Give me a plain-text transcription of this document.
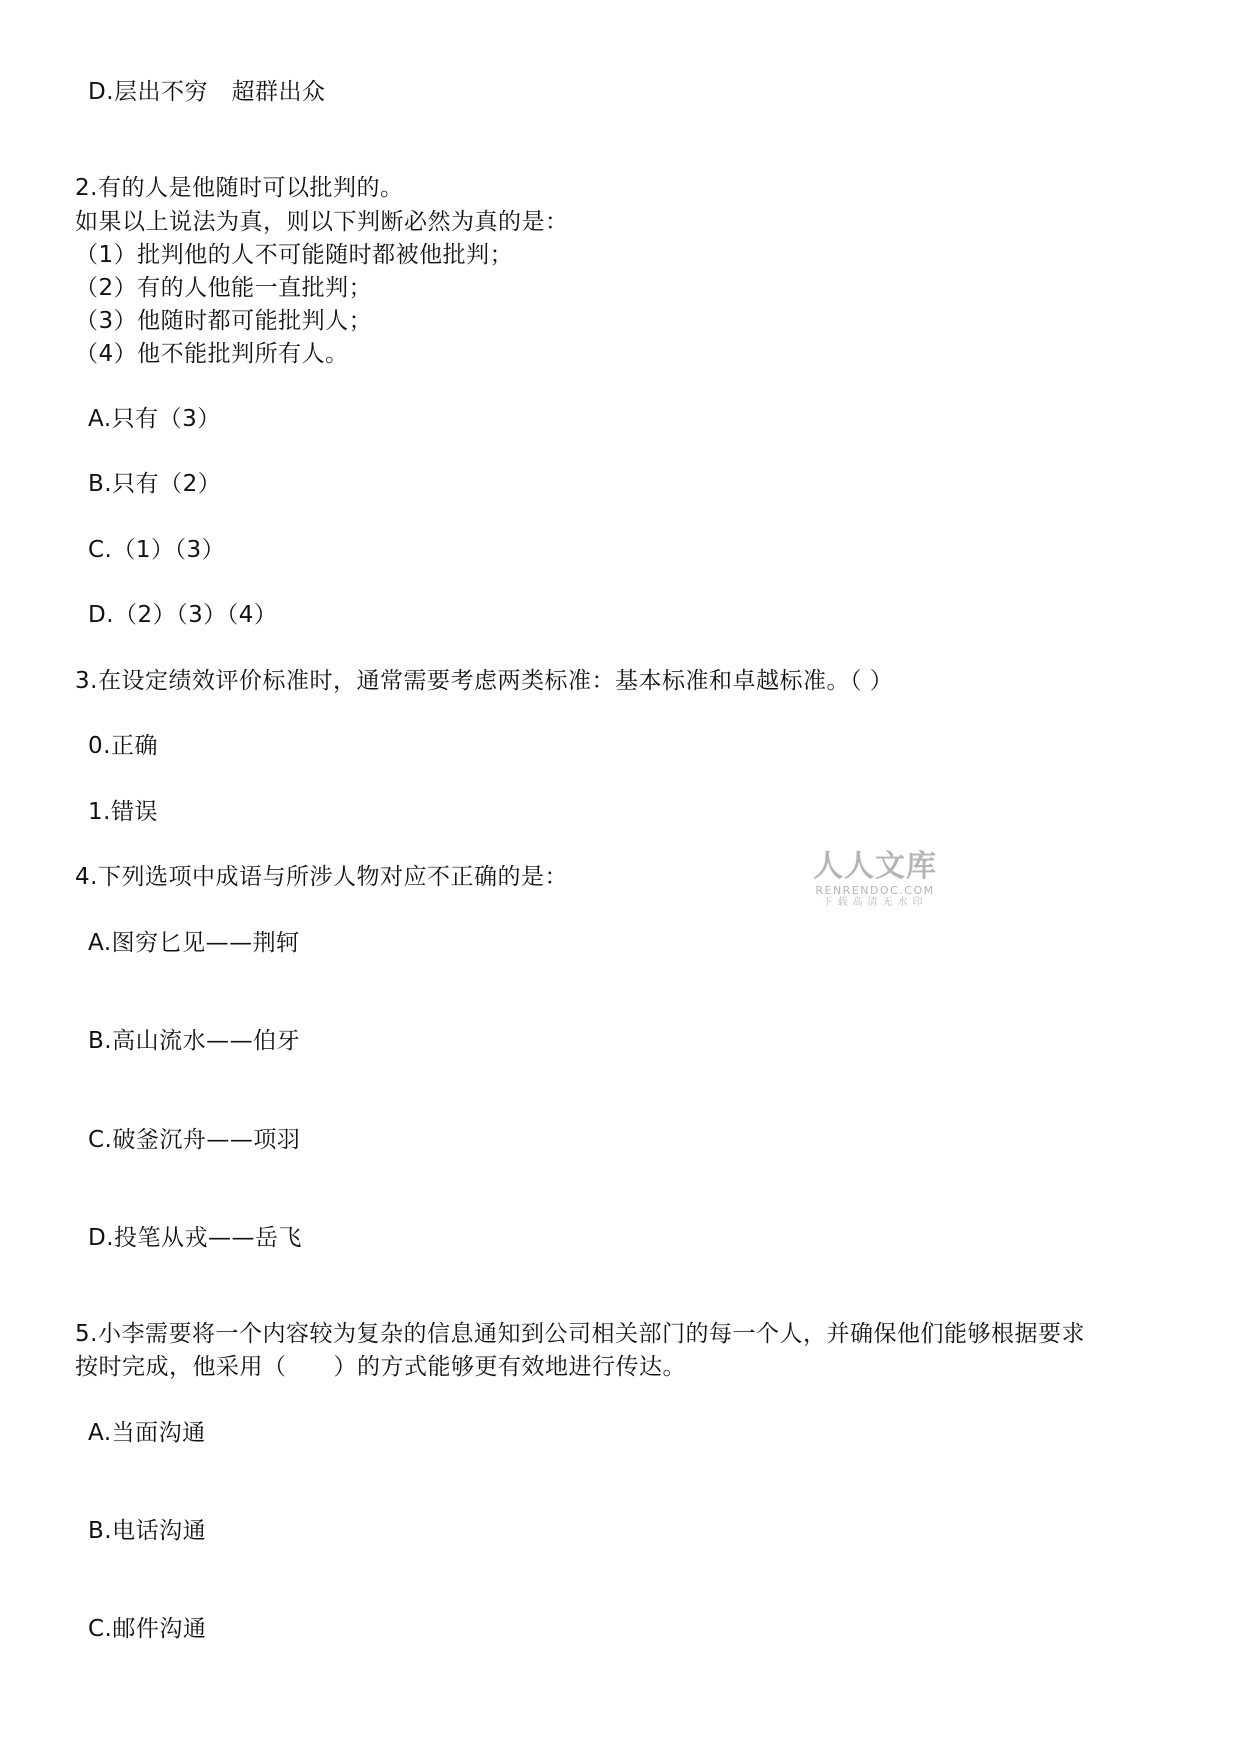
D.层出不穷　超群出众
2.有的人是他随时可以批判的。
如果以上说法为真，则以下判断必然为真的是：
（1）批判他的人不可能随时都被他批判；
（2）有的人他能一直批判；
（3）他随时都可能批判人；
（4）他不能批判所有人。
A.只有（3）
B.只有（2）
C.（1）（3）
D.（2）（3）（4）
3.在设定绩效评价标准时，通常需要考虑两类标准：基本标准和卓越标准。（ ）
0.正确
1.错误
4.下列选项中成语与所涉人物对应不正确的是：
A.图穷匕见——荆轲
B.高山流水——伯牙
C.破釜沉舟——项羽
D.投笔从戎——岳飞
5.小李需要将一个内容较为复杂的信息通知到公司相关部门的每一个人，并确保他们能够根据要求
按时完成，他采用（　　）的方式能够更有效地进行传达。
A.当面沟通
B.电话沟通
C.邮件沟通
人人文库
RENRENDOC.COM
下载高清无水印
